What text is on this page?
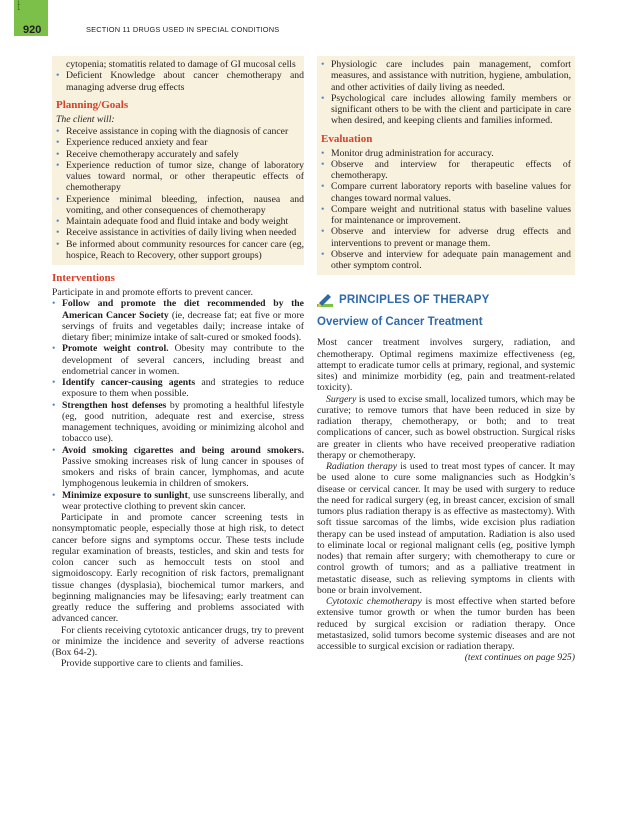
1
1
920	SECTION 11 DRUGS USED IN SPECIAL CONDITIONS
cytopenia; stomatitis related to damage of GI mucosal cells
• Deficient Knowledge about cancer chemotherapy and managing adverse drug effects
Planning/Goals
The client will:
• Receive assistance in coping with the diagnosis of cancer
• Experience reduced anxiety and fear
• Receive chemotherapy accurately and safely
• Experience reduction of tumor size, change of laboratory values toward normal, or other therapeutic effects of chemotherapy
• Experience minimal bleeding, infection, nausea and vomiting, and other consequences of chemotherapy
• Maintain adequate food and fluid intake and body weight
• Receive assistance in activities of daily living when needed
• Be informed about community resources for cancer care (eg, hospice, Reach to Recovery, other support groups)
Interventions
Participate in and promote efforts to prevent cancer.
• Follow and promote the diet recommended by the American Cancer Society (ie, decrease fat; eat five or more servings of fruits and vegetables daily; increase intake of dietary fiber; minimize intake of salt-cured or smoked foods).
• Promote weight control. Obesity may contribute to the development of several cancers, including breast and endometrial cancer in women.
• Identify cancer-causing agents and strategies to reduce exposure to them when possible.
• Strengthen host defenses by promoting a healthful lifestyle (eg, good nutrition, adequate rest and exercise, stress management techniques, avoiding or minimizing alcohol and tobacco use).
• Avoid smoking cigarettes and being around smokers. Passive smoking increases risk of lung cancer in spouses of smokers and risks of brain cancer, lymphomas, and acute lymphogenous leukemia in children of smokers.
• Minimize exposure to sunlight, use sunscreens liberally, and wear protective clothing to prevent skin cancer.
Participate in and promote cancer screening tests in nonsymptomatic people, especially those at high risk, to detect cancer before signs and symptoms occur. These tests include regular examination of breasts, testicles, and skin and tests for colon cancer such as hemoccult tests on stool and sigmoidoscopy. Early recognition of risk factors, premalignant tissue changes (dysplasia), biochemical tumor markers, and beginning malignancies may be lifesaving; early treatment can greatly reduce the suffering and problems associated with advanced cancer.
For clients receiving cytotoxic anticancer drugs, try to prevent or minimize the incidence and severity of adverse reactions (Box 64-2).
Provide supportive care to clients and families.
• Physiologic care includes pain management, comfort measures, and assistance with nutrition, hygiene, ambulation, and other activities of daily living as needed.
• Psychological care includes allowing family members or significant others to be with the client and participate in care when desired, and keeping clients and families informed.
Evaluation
• Monitor drug administration for accuracy.
• Observe and interview for therapeutic effects of chemotherapy.
• Compare current laboratory reports with baseline values for changes toward normal values.
• Compare weight and nutritional status with baseline values for maintenance or improvement.
• Observe and interview for adverse drug effects and interventions to prevent or manage them.
• Observe and interview for adequate pain management and other symptom control.
PRINCIPLES OF THERAPY
Overview of Cancer Treatment
Most cancer treatment involves surgery, radiation, and chemotherapy. Optimal regimens maximize effectiveness (eg, attempt to eradicate tumor cells at primary, regional, and systemic sites) and minimize morbidity (eg, pain and treatment-related toxicity).
Surgery is used to excise small, localized tumors, which may be curative; to remove tumors that have been reduced in size by radiation therapy, chemotherapy, or both; and to treat complications of cancer, such as bowel obstruction. Surgical risks are greater in clients who have received preoperative radiation therapy or chemotherapy.
Radiation therapy is used to treat most types of cancer. It may be used alone to cure some malignancies such as Hodgkin’s disease or cervical cancer. It may be used with surgery to reduce the need for radical surgery (eg, in breast cancer, excision of small tumors plus radiation therapy is as effective as mastectomy). With soft tissue sarcomas of the limbs, wide excision plus radiation therapy can be used instead of amputation. Radiation is also used to eliminate local or regional malignant cells (eg, positive lymph nodes) that remain after surgery; with chemotherapy to cure or control growth of tumors; and as a palliative treatment in metastatic disease, such as relieving symptoms in clients with bone or brain involvement.
Cytotoxic chemotherapy is most effective when started before extensive tumor growth or when the tumor burden has been reduced by surgical excision or radiation therapy. Once metastasized, solid tumors become systemic diseases and are not accessible to surgical excision or radiation therapy.
(text continues on page 925)
